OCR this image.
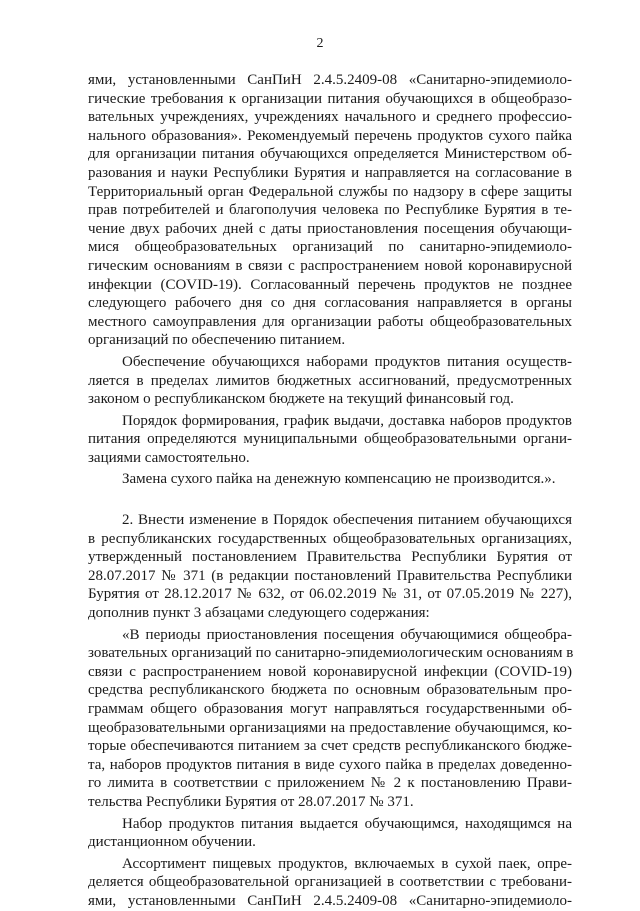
2
ями, установленными СанПиН 2.4.5.2409-08 «Санитарно-эпидемиоло-
гические требования к организации питания обучающихся в общеобразо-
вательных учреждениях, учреждениях начального и среднего профессио-
нального образования». Рекомендуемый перечень продуктов сухого пайка
для организации питания обучающихся определяется Министерством об-
разования и науки Республики Бурятия и направляется на согласование в
Территориальный орган Федеральной службы по надзору в сфере защиты
прав потребителей и благополучия человека по Республике Бурятия в те-
чение двух рабочих дней с даты приостановления посещения обучающи-
мися общеобразовательных организаций по санитарно-эпидемиоло-
гическим основаниям в связи с распространением новой коронавирусной
инфекции (COVID-19). Согласованный перечень продуктов не позднее
следующего рабочего дня со дня согласования направляется в органы
местного самоуправления для организации работы общеобразовательных
организаций по обеспечению питанием.
Обеспечение обучающихся наборами продуктов питания осуществ-
ляется в пределах лимитов бюджетных ассигнований, предусмотренных
законом о республиканском бюджете на текущий финансовый год.
Порядок формирования, график выдачи, доставка наборов продуктов
питания определяются муниципальными общеобразовательными органи-
зациями самостоятельно.
Замена сухого пайка на денежную компенсацию не производится.».
2. Внести изменение в Порядок обеспечения питанием обучающихся
в республиканских государственных общеобразовательных организациях,
утвержденный постановлением Правительства Республики Бурятия от
28.07.2017 № 371 (в редакции постановлений Правительства Республики
Бурятия от 28.12.2017 № 632, от 06.02.2019 № 31, от 07.05.2019 № 227),
дополнив пункт 3 абзацами следующего содержания:
«В периоды приостановления посещения обучающимися общеобра-
зовательных организаций по санитарно-эпидемиологическим основаниям в
связи с распространением новой коронавирусной инфекции (COVID-19)
средства республиканского бюджета по основным образовательным про-
граммам общего образования могут направляться государственными об-
щеобразовательными организациями на предоставление обучающимся, ко-
торые обеспечиваются питанием за счет средств республиканского бюдже-
та, наборов продуктов питания в виде сухого пайка в пределах доведенно-
го лимита в соответствии с приложением № 2 к постановлению Прави-
тельства Республики Бурятия от 28.07.2017 № 371.
Набор продуктов питания выдается обучающимся, находящимся на
дистанционном обучении.
Ассортимент пищевых продуктов, включаемых в сухой паек, опре-
деляется общеобразовательной организацией в соответствии с требовани-
ями, установленными СанПиН 2.4.5.2409-08 «Санитарно-эпидемиоло-
